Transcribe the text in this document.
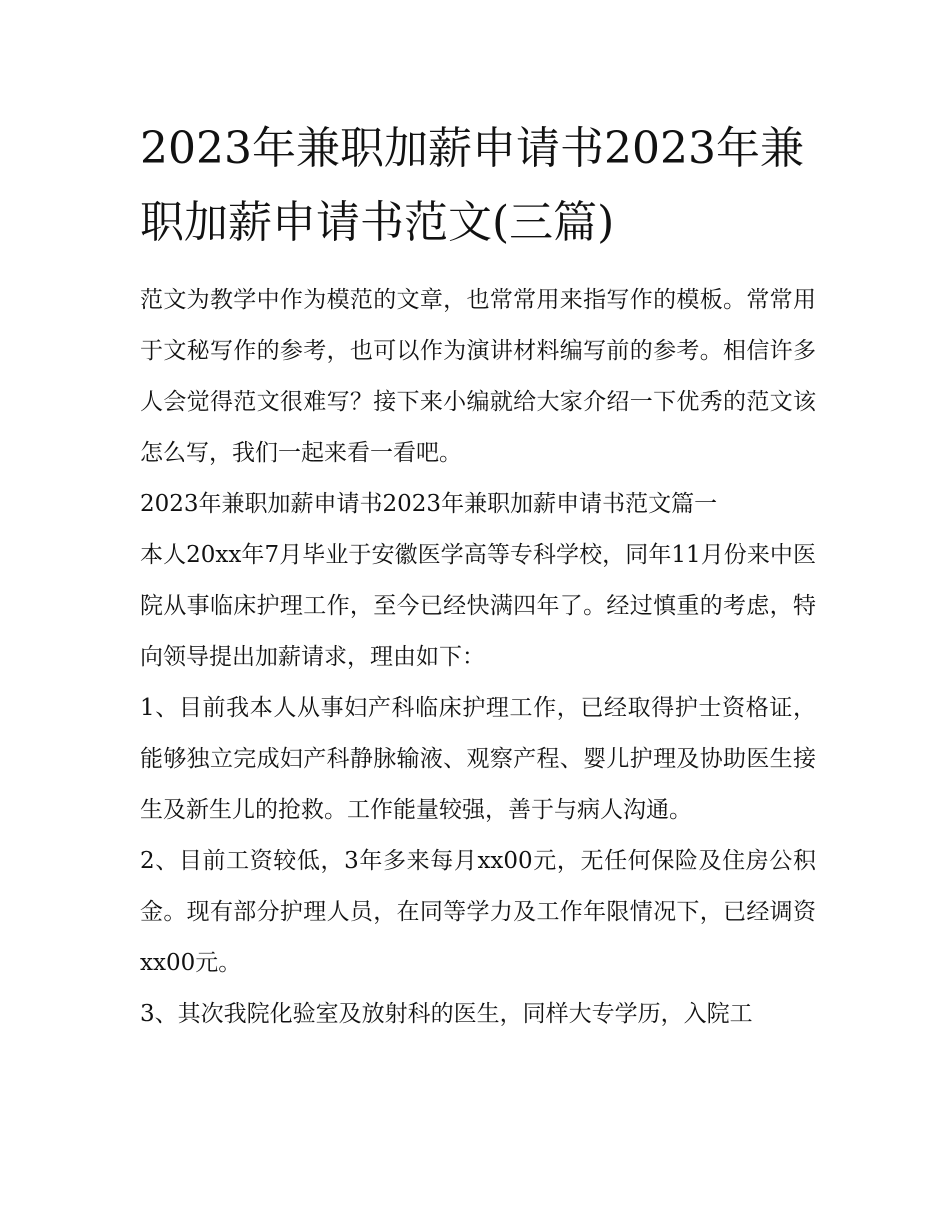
2023年兼职加薪申请书2023年兼职加薪申请书范文(三篇)

范文为教学中作为模范的文章，也常常用来指写作的模板。常常用于文秘写作的参考，也可以作为演讲材料编写前的参考。相信许多人会觉得范文很难写？接下来小编就给大家介绍一下优秀的范文该怎么写，我们一起来看一看吧。

2023年兼职加薪申请书2023年兼职加薪申请书范文篇一

本人20xx年7月毕业于安徽医学高等专科学校，同年11月份来中医院从事临床护理工作，至今已经快满四年了。经过慎重的考虑，特向领导提出加薪请求，理由如下：

1、目前我本人从事妇产科临床护理工作，已经取得护士资格证，能够独立完成妇产科静脉输液、观察产程、婴儿护理及协助医生接生及新生儿的抢救。工作能量较强，善于与病人沟通。

2、目前工资较低，3年多来每月xx00元，无任何保险及住房公积金。现有部分护理人员，在同等学力及工作年限情况下，已经调资xx00元。

3、其次我院化验室及放射科的医生，同样大专学历，入院工
